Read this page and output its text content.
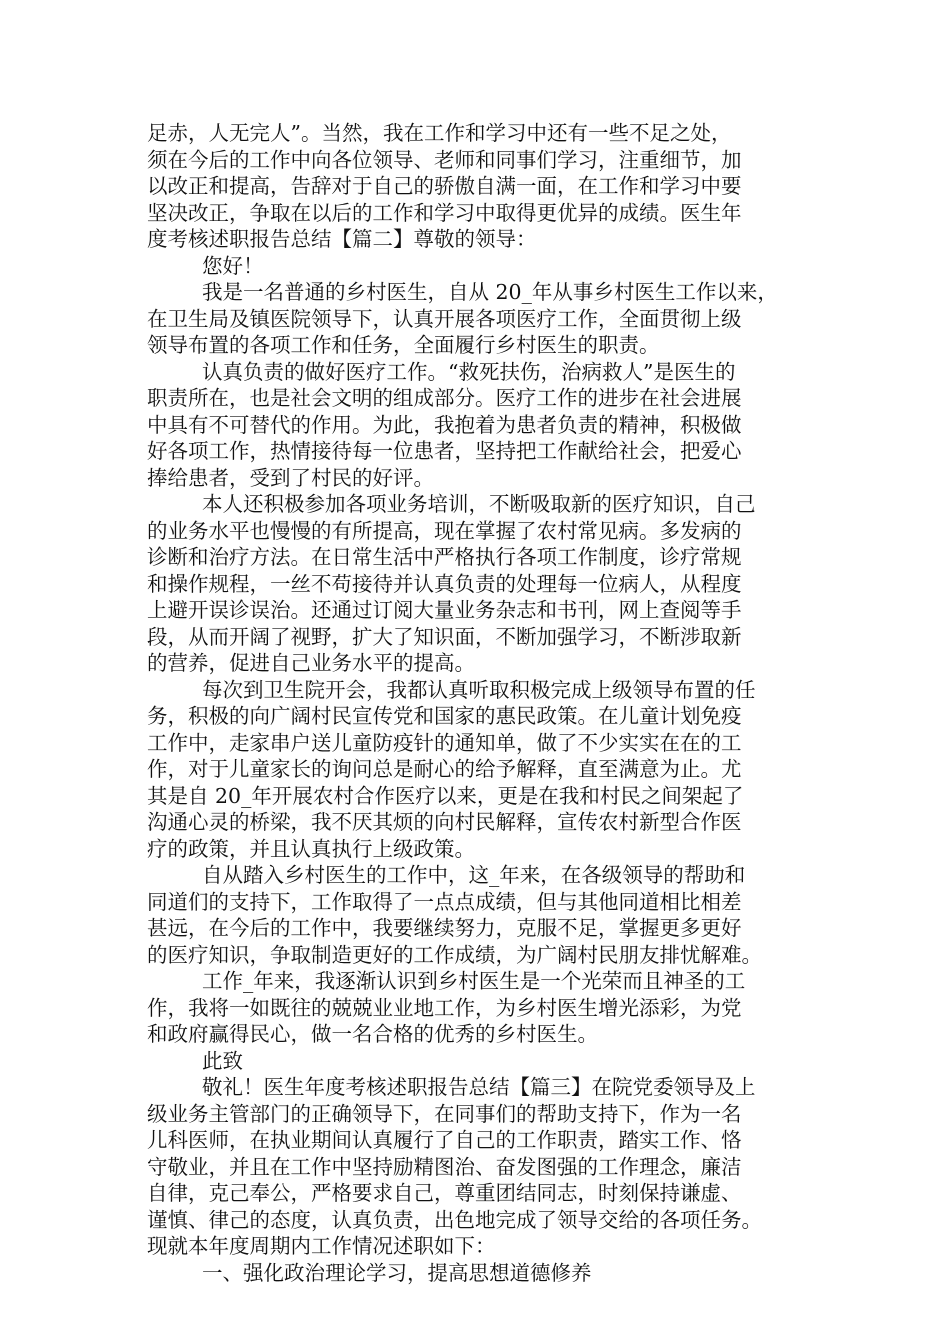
足赤，人无完人”。当然，我在工作和学习中还有一些不足之处，
须在今后的工作中向各位领导、老师和同事们学习，注重细节，加
以改正和提高，告辞对于自己的骄傲自满一面，在工作和学习中要
坚决改正，争取在以后的工作和学习中取得更优异的成绩。医生年
度考核述职报告总结【篇二】尊敬的领导：
您好！
我是一名普通的乡村医生，自从 20_年从事乡村医生工作以来，
在卫生局及镇医院领导下，认真开展各项医疗工作，全面贯彻上级
领导布置的各项工作和任务，全面履行乡村医生的职责。
认真负责的做好医疗工作。“救死扶伤，治病救人”是医生的
职责所在，也是社会文明的组成部分。医疗工作的进步在社会进展
中具有不可替代的作用。为此，我抱着为患者负责的精神，积极做
好各项工作，热情接待每一位患者，坚持把工作献给社会，把爱心
捧给患者，受到了村民的好评。
本人还积极参加各项业务培训，不断吸取新的医疗知识，自己
的业务水平也慢慢的有所提高，现在掌握了农村常见病。多发病的
诊断和治疗方法。在日常生活中严格执行各项工作制度，诊疗常规
和操作规程，一丝不苟接待并认真负责的处理每一位病人，从程度
上避开误诊误治。还通过订阅大量业务杂志和书刊，网上查阅等手
段，从而开阔了视野，扩大了知识面，不断加强学习，不断涉取新
的营养，促进自己业务水平的提高。
每次到卫生院开会，我都认真听取积极完成上级领导布置的任
务，积极的向广阔村民宣传党和国家的惠民政策。在儿童计划免疫
工作中，走家串户送儿童防疫针的通知单，做了不少实实在在的工
作，对于儿童家长的询问总是耐心的给予解释，直至满意为止。尤
其是自 20_年开展农村合作医疗以来，更是在我和村民之间架起了
沟通心灵的桥梁，我不厌其烦的向村民解释，宣传农村新型合作医
疗的政策，并且认真执行上级政策。
自从踏入乡村医生的工作中，这_年来，在各级领导的帮助和
同道们的支持下，工作取得了一点点成绩，但与其他同道相比相差
甚远，在今后的工作中，我要继续努力，克服不足，掌握更多更好
的医疗知识，争取制造更好的工作成绩，为广阔村民朋友排忧解难。
工作_年来，我逐渐认识到乡村医生是一个光荣而且神圣的工
作，我将一如既往的兢兢业业地工作，为乡村医生增光添彩，为党
和政府赢得民心，做一名合格的优秀的乡村医生。
此致
敬礼！医生年度考核述职报告总结【篇三】在院党委领导及上
级业务主管部门的正确领导下，在同事们的帮助支持下，作为一名
儿科医师，在执业期间认真履行了自己的工作职责，踏实工作、恪
守敬业，并且在工作中坚持励精图治、奋发图强的工作理念，廉洁
自律，克己奉公，严格要求自己，尊重团结同志，时刻保持谦虚、
谨慎、律己的态度，认真负责，出色地完成了领导交给的各项任务。
现就本年度周期内工作情况述职如下：
一、强化政治理论学习，提高思想道德修养
